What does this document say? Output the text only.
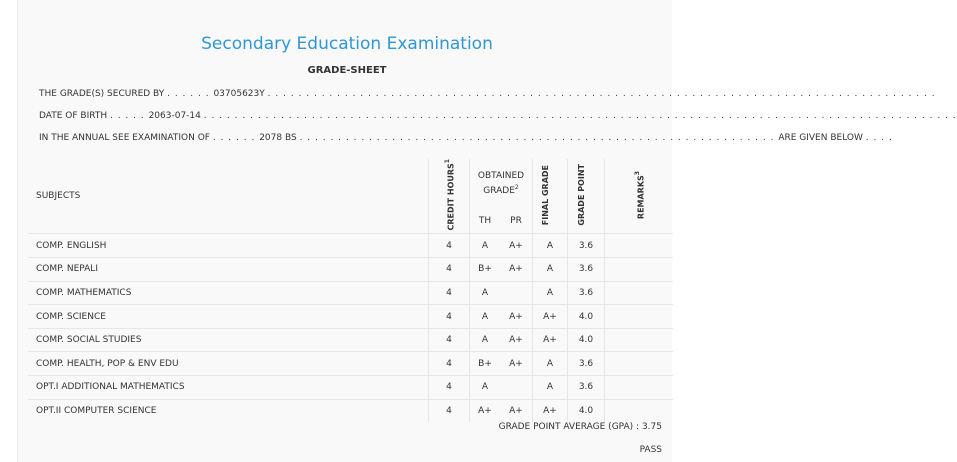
Secondary Education Examination
GRADE-SHEET
THE GRADE(S) SECURED BY . . . . . . 03705623Y . . . . . . . . . . . . . . . . . . . . . . . . . . . . . . . . . . . . . . . . . . . . . . . . . . . . . . . . . . . . . . . . . . . . . . . . . . . . . . . . . . . . . . .
DATE OF BIRTH . . . . . 2063-07-14 . . . . . . . . . . . . . . . . . . . . . . . . . . . . . . . . . . . . . . . . . . . . . . . . . . . . . . . . . . . . . . . . . . . . . . . . . . . . . . . . . . . . . . . . . . . . . . . . . .
IN THE ANNUAL SEE EXAMINATION OF . . . . . . 2078 BS . . . . . . . . . . . . . . . . . . . . . . . . . . . . . . . . . . . . . . . . . . . . . . . . . . . . . . . . . . . . . . ARE GIVEN BELOW . . . .
SUBJECTS	CREDIT HOURS$^1$	OBTAINED GRADE$^2$		FINAL GRADE	GRADE POINT	REMARKS$^3$
		TH	PR			
COMP. ENGLISH	4	A	A+	A	3.6	
COMP. NEPALI	4	B+	A+	A	3.6	
COMP. MATHEMATICS	4	A		A	3.6	
COMP. SCIENCE	4	A	A+	A+	4.0	
COMP. SOCIAL STUDIES	4	A	A+	A+	4.0	
COMP. HEALTH, POP & ENV EDU	4	B+	A+	A	3.6	
OPT.I ADDITIONAL MATHEMATICS	4	A		A	3.6	
OPT.II COMPUTER SCIENCE	4	A+	A+	A+	4.0	
GRADE POINT AVERAGE (GPA) : 3.75
PASS
